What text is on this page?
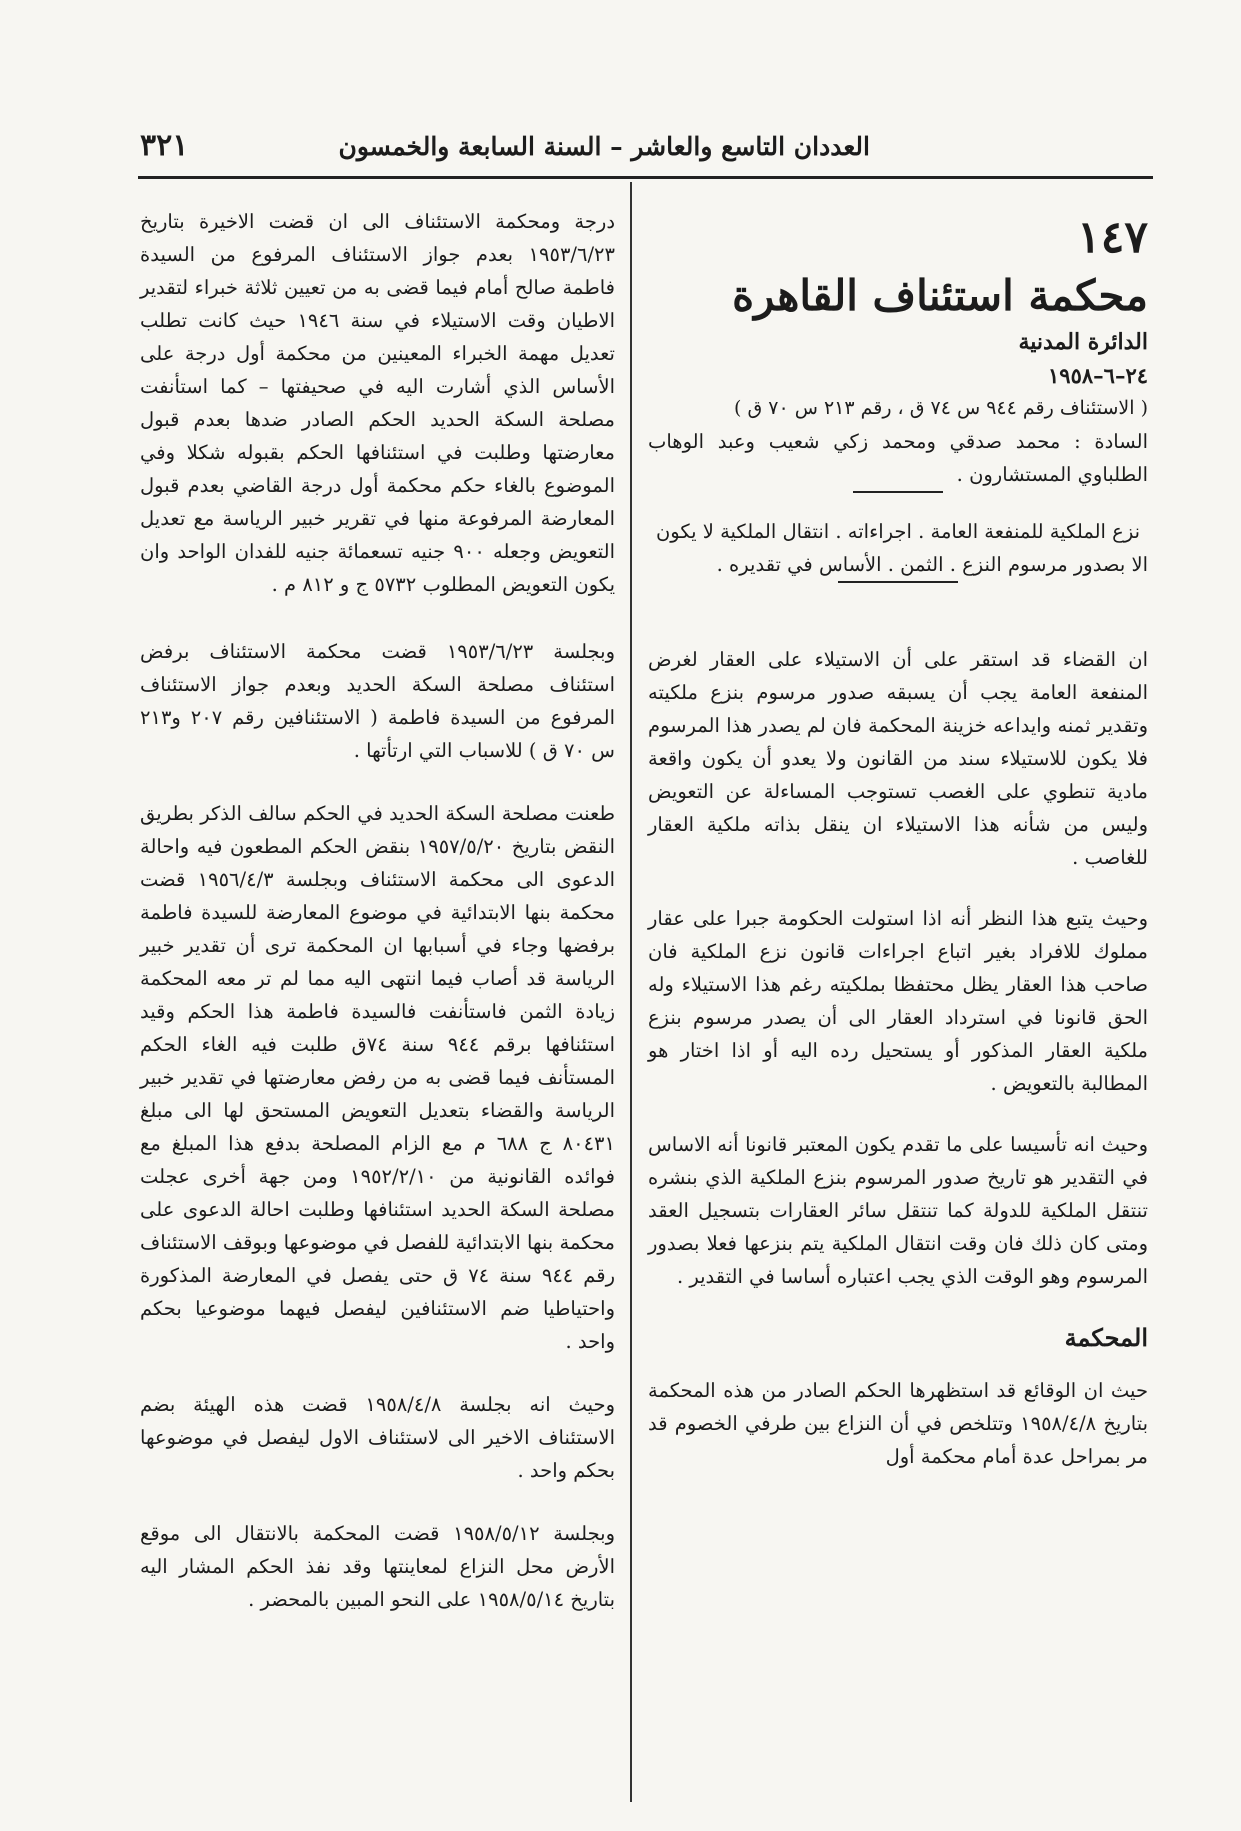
العددان التاسع والعاشر – السنة السابعة والخمسون
٣٢١

١٤٧

محكمة استئناف القاهرة

الدائرة المدنية

٢٤–٦–١٩٥٨

( الاستئناف رقم ٩٤٤ س ٧٤ ق ، رقم ٢١٣ س ٧٠ ق )

السادة : محمد صدقي ومحمد زكي شعيب وعبد الوهاب الطلباوي المستشارون .

نزع الملكية للمنفعة العامة . اجراءاته . انتقال الملكية لا يكون الا بصدور مرسوم النزع . الثمن . الأساس في تقديره .

ان القضاء قد استقر على أن الاستيلاء على العقار لغرض المنفعة العامة يجب أن يسبقه صدور مرسوم بنزع ملكيته وتقدير ثمنه وايداعه خزينة المحكمة فان لم يصدر هذا المرسوم فلا يكون للاستيلاء سند من القانون ولا يعدو أن يكون واقعة مادية تنطوي على الغصب تستوجب المساءلة عن التعويض وليس من شأنه هذا الاستيلاء ان ينقل بذاته ملكية العقار للغاصب .

وحيث يتبع هذا النظر أنه اذا استولت الحكومة جبرا على عقار مملوك للافراد بغير اتباع اجراءات قانون نزع الملكية فان صاحب هذا العقار يظل محتفظا بملكيته رغم هذا الاستيلاء وله الحق قانونا في استرداد العقار الى أن يصدر مرسوم بنزع ملكية العقار المذكور أو يستحيل رده اليه أو اذا اختار هو المطالبة بالتعويض .

وحيث انه تأسيسا على ما تقدم يكون المعتبر قانونا أنه الاساس في التقدير هو تاريخ صدور المرسوم بنزع الملكية الذي بنشره تنتقل الملكية للدولة كما تنتقل سائر العقارات بتسجيل العقد ومتى كان ذلك فان وقت انتقال الملكية يتم بنزعها فعلا بصدور المرسوم وهو الوقت الذي يجب اعتباره أساسا في التقدير .

المحكمة

حيث ان الوقائع قد استظهرها الحكم الصادر من هذه المحكمة بتاريخ ١٩٥٨/٤/٨ وتتلخص في أن النزاع بين طرفي الخصوم قد مر بمراحل عدة أمام محكمة أول

درجة ومحكمة الاستئناف الى ان قضت الاخيرة بتاريخ ١٩٥٣/٦/٢٣ بعدم جواز الاستئناف المرفوع من السيدة فاطمة صالح أمام فيما قضى به من تعيين ثلاثة خبراء لتقدير الاطيان وقت الاستيلاء في سنة ١٩٤٦ حيث كانت تطلب تعديل مهمة الخبراء المعينين من محكمة أول درجة على الأساس الذي أشارت اليه في صحيفتها – كما استأنفت مصلحة السكة الحديد الحكم الصادر ضدها بعدم قبول معارضتها وطلبت في استئنافها الحكم بقبوله شكلا وفي الموضوع بالغاء حكم محكمة أول درجة القاضي بعدم قبول المعارضة المرفوعة منها في تقرير خبير الرياسة مع تعديل التعويض وجعله ٩٠٠ جنيه تسعمائة جنيه للفدان الواحد وان يكون التعويض المطلوب ٥٧٣٢ ج و ٨١٢ م .

وبجلسة ١٩٥٣/٦/٢٣ قضت محكمة الاستئناف برفض استئناف مصلحة السكة الحديد وبعدم جواز الاستئناف المرفوع من السيدة فاطمة ( الاستئنافين رقم ٢٠٧ و٢١٣ س ٧٠ ق ) للاسباب التي ارتأتها .

طعنت مصلحة السكة الحديد في الحكم سالف الذكر بطريق النقض بتاريخ ١٩٥٧/٥/٢٠ بنقض الحكم المطعون فيه واحالة الدعوى الى محكمة الاستئناف وبجلسة ١٩٥٦/٤/٣ قضت محكمة بنها الابتدائية في موضوع المعارضة للسيدة فاطمة برفضها وجاء في أسبابها ان المحكمة ترى أن تقدير خبير الرياسة قد أصاب فيما انتهى اليه مما لم تر معه المحكمة زيادة الثمن فاستأنفت فالسيدة فاطمة هذا الحكم وقيد استئنافها برقم ٩٤٤ سنة ٧٤ق طلبت فيه الغاء الحكم المستأنف فيما قضى به من رفض معارضتها في تقدير خبير الرياسة والقضاء بتعديل التعويض المستحق لها الى مبلغ ٨٠٤٣١ ج ٦٨٨ م مع الزام المصلحة بدفع هذا المبلغ مع فوائده القانونية من ١٩٥٢/٢/١٠ ومن جهة أخرى عجلت مصلحة السكة الحديد استئنافها وطلبت احالة الدعوى على محكمة بنها الابتدائية للفصل في موضوعها وبوقف الاستئناف رقم ٩٤٤ سنة ٧٤ ق حتى يفصل في المعارضة المذكورة واحتياطيا ضم الاستئنافين ليفصل فيهما موضوعيا بحكم واحد .

وحيث انه بجلسة ١٩٥٨/٤/٨ قضت هذه الهيئة بضم الاستئناف الاخير الى لاستئناف الاول ليفصل في موضوعها بحكم واحد .

وبجلسة ١٩٥٨/٥/١٢ قضت المحكمة بالانتقال الى موقع الأرض محل النزاع لمعاينتها وقد نفذ الحكم المشار اليه بتاريخ ١٩٥٨/٥/١٤ على النحو المبين بالمحضر .
